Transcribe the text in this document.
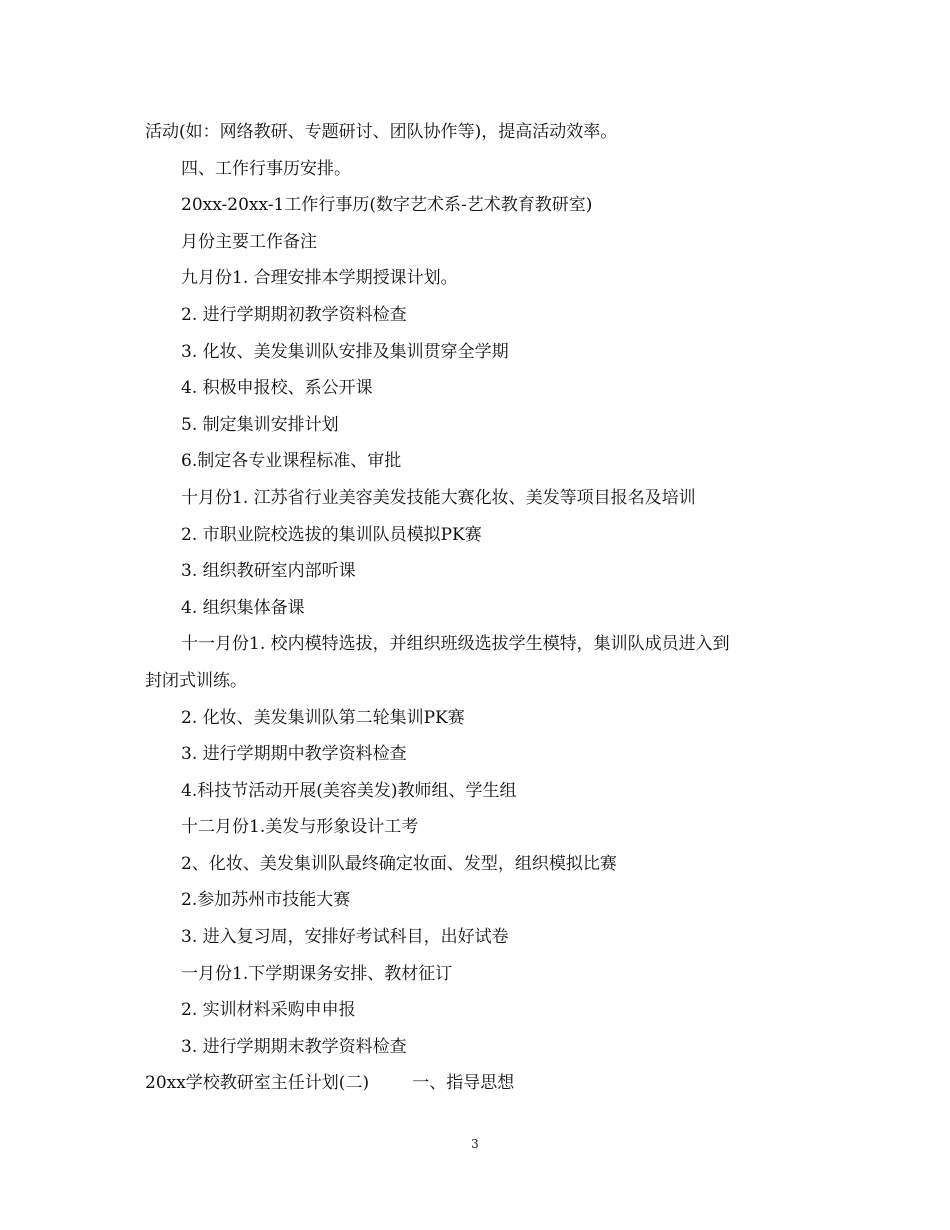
活动(如：网络教研、专题研讨、团队协作等)，提高活动效率。
四、工作行事历安排。
20xx-20xx-1工作行事历(数字艺术系-艺术教育教研室)
月份主要工作备注
九月份1. 合理安排本学期授课计划。
2. 进行学期期初教学资料检查
3. 化妆、美发集训队安排及集训贯穿全学期
4. 积极申报校、系公开课
5. 制定集训安排计划
6.制定各专业课程标准、审批
十月份1. 江苏省行业美容美发技能大赛化妆、美发等项目报名及培训
2. 市职业院校选拔的集训队员模拟PK赛
3. 组织教研室内部听课
4. 组织集体备课
十一月份1. 校内模特选拔，并组织班级选拔学生模特，集训队成员进入到
封闭式训练。
2. 化妆、美发集训队第二轮集训PK赛
3. 进行学期期中教学资料检查
4.科技节活动开展(美容美发)教师组、学生组
十二月份1.美发与形象设计工考
2、化妆、美发集训队最终确定妆面、发型，组织模拟比赛
2.参加苏州市技能大赛
3. 进入复习周，安排好考试科目，出好试卷
一月份1.下学期课务安排、教材征订
2. 实训材料采购申申报
3. 进行学期期末教学资料检查
20xx学校教研室主任计划(二)        一、指导思想
3
